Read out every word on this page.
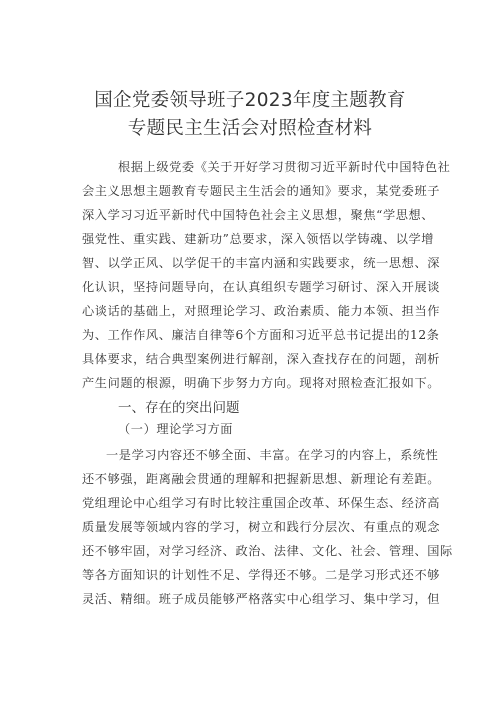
国企党委领导班子2023年度主题教育
专题民主生活会对照检查材料
根据上级党委《关于开好学习贯彻习近平新时代中国特色社
会主义思想主题教育专题民主生活会的通知》要求，某党委班子
深入学习习近平新时代中国特色社会主义思想，聚焦“学思想、
强党性、重实践、建新功”总要求，深入领悟以学铸魂、以学增
智、以学正风、以学促干的丰富内涵和实践要求，统一思想、深
化认识，坚持问题导向，在认真组织专题学习研讨、深入开展谈
心谈话的基础上，对照理论学习、政治素质、能力本领、担当作
为、工作作风、廉洁自律等6个方面和习近平总书记提出的12条
具体要求，结合典型案例进行解剖，深入查找存在的问题，剖析
产生问题的根源，明确下步努力方向。现将对照检查汇报如下。
一、存在的突出问题
（一）理论学习方面
一是学习内容还不够全面、丰富。在学习的内容上，系统性
还不够强，距离融会贯通的理解和把握新思想、新理论有差距。
党组理论中心组学习有时比较注重国企改革、环保生态、经济高
质量发展等领域内容的学习，树立和践行分层次、有重点的观念
还不够牢固，对学习经济、政治、法律、文化、社会、管理、国际
等各方面知识的计划性不足、学得还不够。二是学习形式还不够
灵活、精细。班子成员能够严格落实中心组学习、集中学习，但
